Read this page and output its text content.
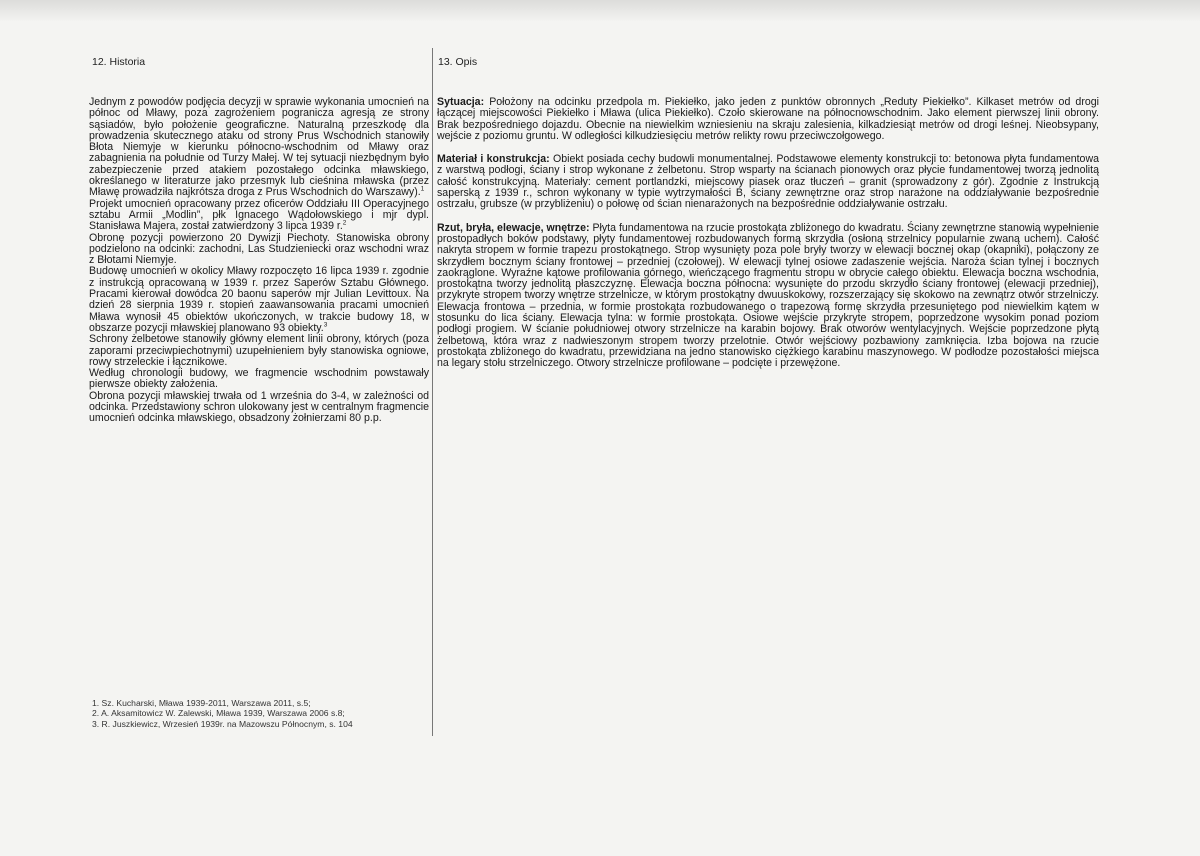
12. Historia	13. Opis

Jednym z powodów podjęcia decyzji w sprawie wykonania umocnień na północ od Mławy, poza zagrożeniem pogranicza agresją ze strony sąsiadów, było położenie geograficzne. Naturalną przeszkodę dla prowadzenia skutecznego ataku od strony Prus Wschodnich stanowiły Błota Niemyje w kierunku północno-wschodnim od Mławy oraz zabagnienia na południe od Turzy Małej. W tej sytuacji niezbędnym było zabezpieczenie przed atakiem pozostałego odcinka mławskiego, określanego w literaturze jako przesmyk lub cieśnina mławska (przez Mławę prowadziła najkrótsza droga z Prus Wschodnich do Warszawy).$^1$

Projekt umocnień opracowany przez oficerów Oddziału III Operacyjnego sztabu Armii „Modlin”, płk Ignacego Wądołowskiego i mjr dypl. Stanisława Majera, został zatwierdzony 3 lipca 1939 r.$^2$

Obronę pozycji powierzono 20 Dywizji Piechoty. Stanowiska obrony podzielono na odcinki: zachodni, Las Studzieniecki oraz wschodni wraz z Błotami Niemyje.

Budowę umocnień w okolicy Mławy rozpoczęto 16 lipca 1939 r. zgodnie z instrukcją opracowaną w 1939 r. przez Saperów Sztabu Głównego. Pracami kierował dowódca 20 baonu saperów mjr Julian Levittoux. Na dzień 28 sierpnia 1939 r. stopień zaawansowania pracami umocnień Mława wynosił 45 obiektów ukończonych, w trakcie budowy 18, w obszarze pozycji mławskiej planowano 93 obiekty.$^3$

Schrony żelbetowe stanowiły główny element linii obrony, których (poza zaporami przeciwpiechotnymi) uzupełnieniem były stanowiska ogniowe, rowy strzeleckie i łącznikowe.

Według chronologii budowy, we fragmencie wschodnim powstawały pierwsze obiekty założenia.

Obrona pozycji mławskiej trwała od 1 września do 3-4, w zależności od odcinka. Przedstawiony schron ulokowany jest w centralnym fragmencie umocnień odcinka mławskiego, obsadzony żołnierzami 80 p.p.

Sytuacja: Położony na odcinku przedpola m. Piekiełko, jako jeden z punktów obronnych „Reduty Piekiełko”. Kilkaset metrów od drogi łączącej miejscowości Piekiełko i Mława (ulica Piekiełko). Czoło skierowane na północnowschodnim. Jako element pierwszej linii obrony. Brak bezpośredniego dojazdu. Obecnie na niewielkim wzniesieniu na skraju zalesienia, kilkadziesiąt metrów od drogi leśnej. Nieobsypany, wejście z poziomu gruntu. W odległości kilkudziesięciu metrów relikty rowu przeciwczołgowego.

Materiał i konstrukcja: Obiekt posiada cechy budowli monumentalnej. Podstawowe elementy konstrukcji to: betonowa płyta fundamentowa z warstwą podłogi, ściany i strop wykonane z żelbetonu. Strop wsparty na ścianach pionowych oraz płycie fundamentowej tworzą jednolitą całość konstrukcyjną. Materiały: cement portlandzki, miejscowy piasek oraz tłuczeń – granit (sprowadzony z gór). Zgodnie z Instrukcją saperską z 1939 r., schron wykonany w typie wytrzymałości B, ściany zewnętrzne oraz strop narażone na oddziaływanie bezpośrednie ostrzału, grubsze (w przybliżeniu) o połowę od ścian nienarażonych na bezpośrednie oddziaływanie ostrzału.

Rzut, bryła, elewacje, wnętrze: Płyta fundamentowa na rzucie prostokąta zbliżonego do kwadratu. Ściany zewnętrzne stanowią wypełnienie prostopadłych boków podstawy, płyty fundamentowej rozbudowanych formą skrzydła (osłoną strzelnicy popularnie zwaną uchem). Całość nakryta stropem w formie trapezu prostokątnego. Strop wysunięty poza pole bryły tworzy w elewacji bocznej okap (okapniki), połączony ze skrzydłem bocznym ściany frontowej – przedniej (czołowej). W elewacji tylnej osiowe zadaszenie wejścia. Naroża ścian tylnej i bocznych zaokrąglone. Wyraźne kątowe profilowania górnego, wieńczącego fragmentu stropu w obrycie całego obiektu. Elewacja boczna wschodnia, prostokątna tworzy jednolitą płaszczyznę. Elewacja boczna północna: wysunięte do przodu skrzydło ściany frontowej (elewacji przedniej), przykryte stropem tworzy wnętrze strzelnicze, w którym prostokątny dwuuskokowy, rozszerzający się skokowo na zewnątrz otwór strzelniczy. Elewacja frontowa – przednia, w formie prostokąta rozbudowanego o trapezową formę skrzydła przesuniętego pod niewielkim kątem w stosunku do lica ściany. Elewacja tylna: w formie prostokąta. Osiowe wejście przykryte stropem, poprzedzone wysokim ponad poziom podłogi progiem. W ścianie południowej otwory strzelnicze na karabin bojowy. Brak otworów wentylacyjnych. Wejście poprzedzone płytą żelbetową, która wraz z nadwieszonym stropem tworzy przelotnie. Otwór wejściowy pozbawiony zamknięcia. Izba bojowa na rzucie prostokąta zbliżonego do kwadratu, przewidziana na jedno stanowisko ciężkiego karabinu maszynowego. W podłodze pozostałości miejsca na legary stołu strzelniczego. Otwory strzelnicze profilowane – podcięte i przewężone.

1. Sz. Kucharski, Mława 1939-2011, Warszawa 2011, s.5;
2. A. Aksamitowicz W. Zalewski, Mława 1939, Warszawa 2006 s.8;
3. R. Juszkiewicz, Wrzesień 1939r. na Mazowszu Północnym, s. 104
